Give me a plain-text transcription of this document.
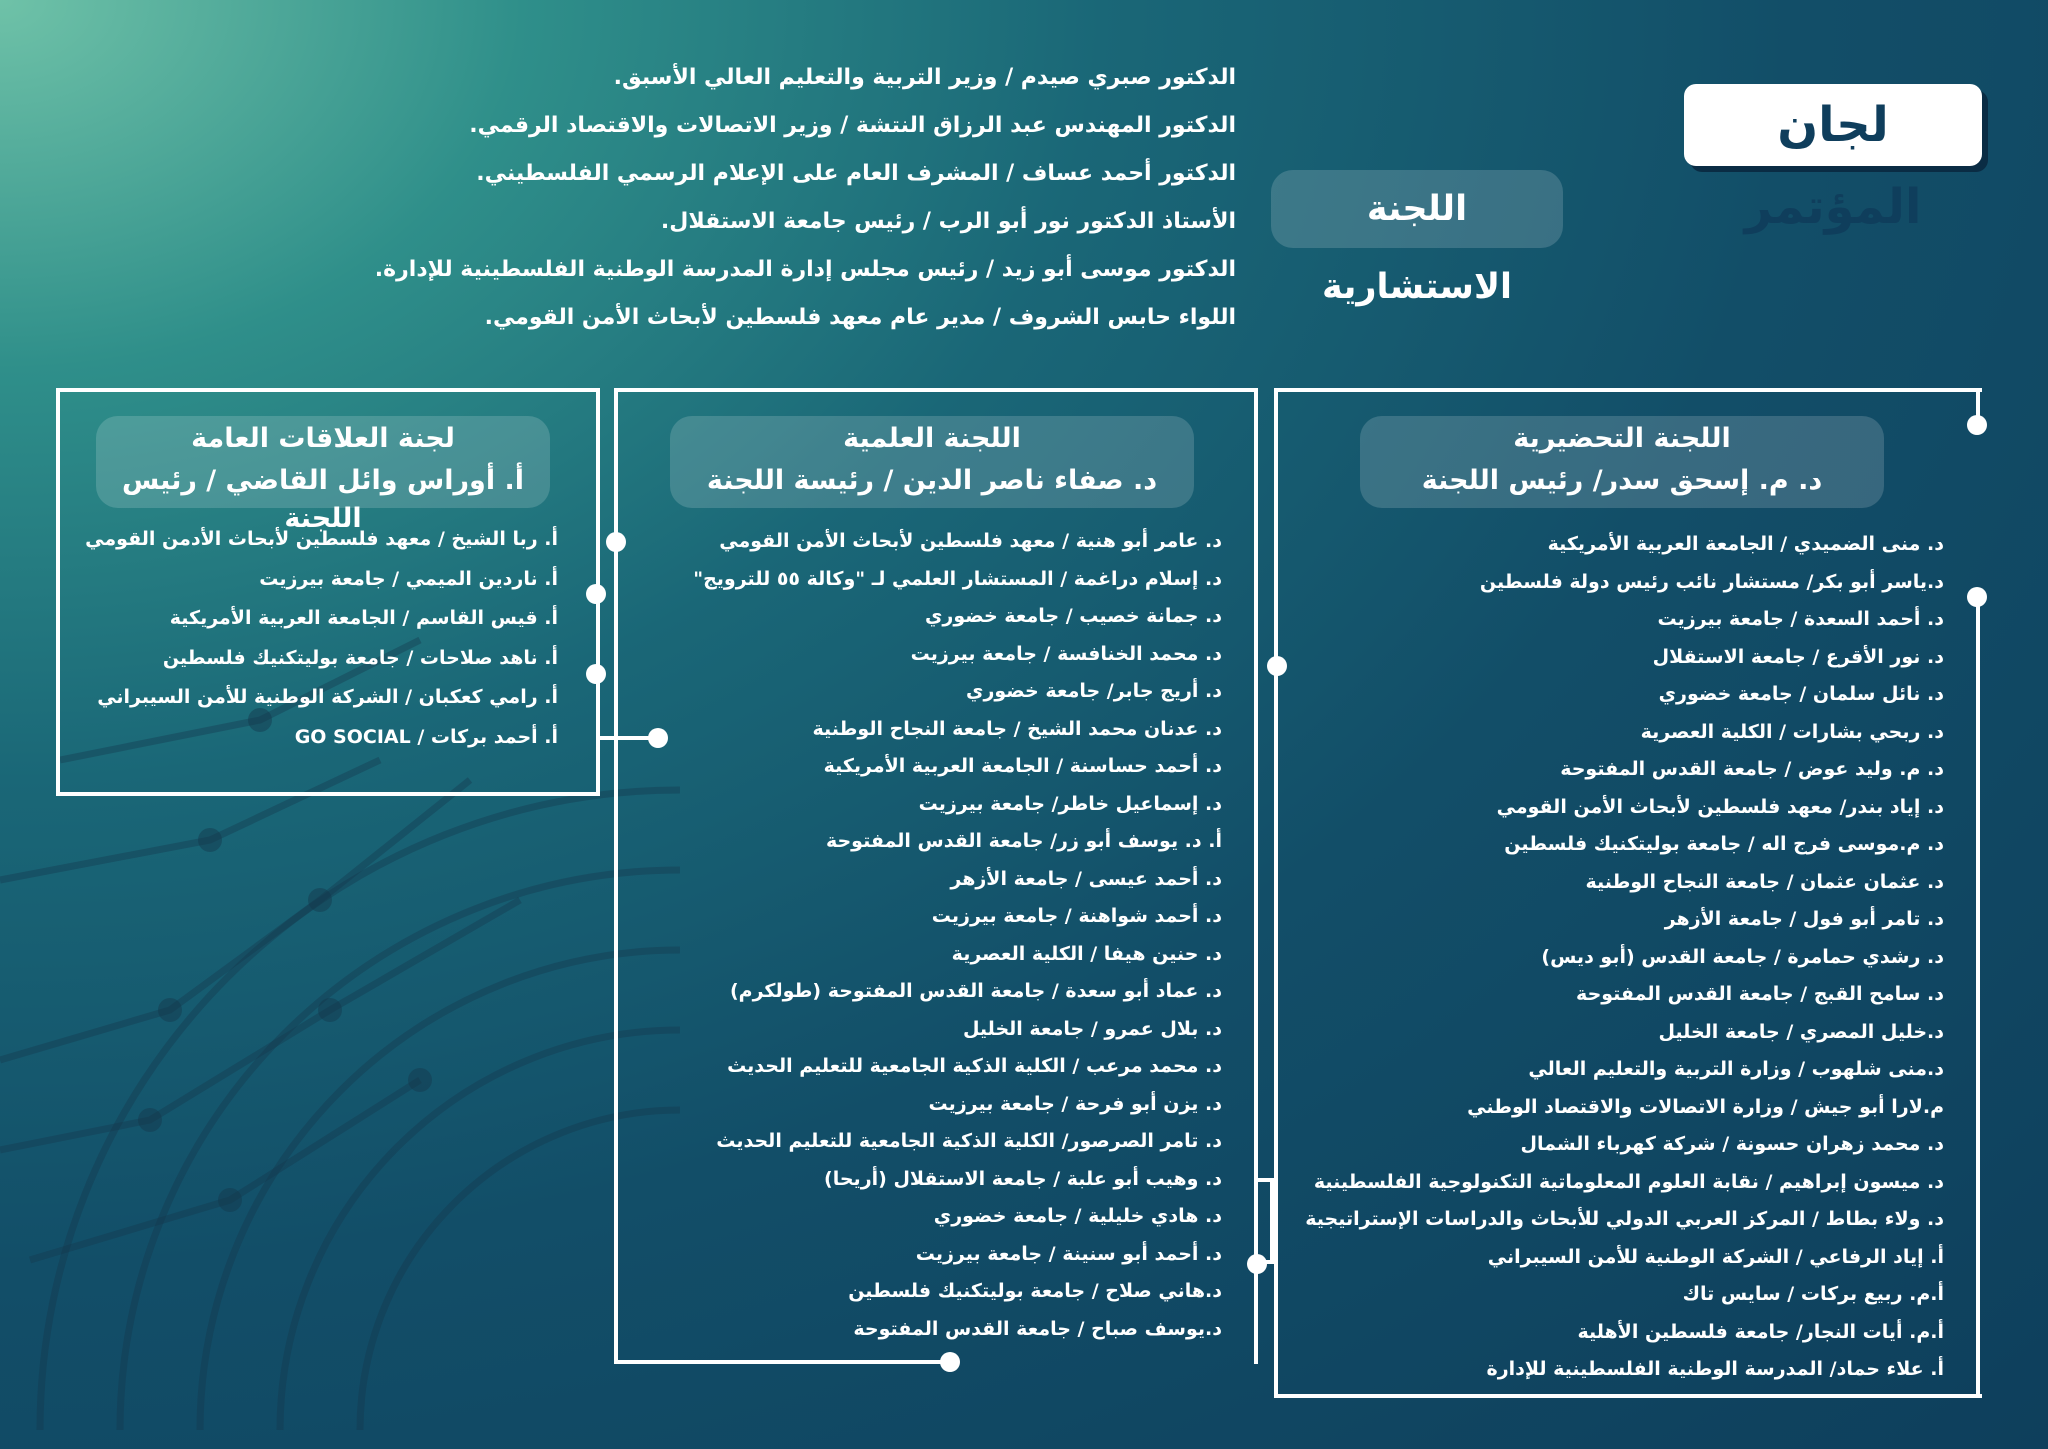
لجان المؤتمر
اللجنة الاستشارية
الدكتور صبري صيدم / وزير التربية والتعليم العالي الأسبق.
الدكتور المهندس عبد الرزاق النتشة / وزير الاتصالات والاقتصاد الرقمي.
الدكتور أحمد عساف / المشرف العام على الإعلام الرسمي الفلسطيني.
الأستاذ الدكتور نور أبو الرب / رئيس جامعة الاستقلال.
الدكتور موسى أبو زيد / رئيس مجلس إدارة المدرسة الوطنية الفلسطينية للإدارة.
اللواء حابس الشروف / مدير عام معهد فلسطين لأبحاث الأمن القومي.
اللجنة التحضيرية
د. م. إسحق سدر/ رئيس اللجنة
د. منى الضميدي / الجامعة العربية الأمريكية
د.ياسر أبو بكر/ مستشار نائب رئيس دولة فلسطين
د. أحمد السعدة / جامعة بيرزيت
د. نور الأقرع / جامعة الاستقلال
د. نائل سلمان / جامعة خضوري
د. ربحي بشارات / الكلية العصرية
د. م. وليد عوض / جامعة القدس المفتوحة
د. إياد بندر/ معهد فلسطين لأبحاث الأمن القومي
د. م.موسى فرج اله / جامعة بوليتكنيك فلسطين
د. عثمان عثمان / جامعة النجاح الوطنية
د. تامر أبو فول / جامعة الأزهر
د. رشدي حمامرة / جامعة القدس (أبو ديس)
د. سامح القبج / جامعة القدس المفتوحة
د.خليل المصري / جامعة الخليل
د.منى شلهوب / وزارة التربية والتعليم العالي
م.لارا أبو جيش / وزارة الاتصالات والاقتصاد الوطني
د. محمد زهران حسونة / شركة كهرباء الشمال
د. ميسون إبراهيم / نقابة العلوم المعلوماتية التكنولوجية الفلسطينية
د. ولاء بطاط / المركز العربي الدولي للأبحاث والدراسات الإستراتيجية
أ. إياد الرفاعي / الشركة الوطنية للأمن السيبراني
أ.م. ربيع بركات / سايس تاك
أ.م. أيات النجار/ جامعة فلسطين الأهلية
أ. علاء حماد/ المدرسة الوطنية الفلسطينية للإدارة
اللجنة العلمية
د. صفاء ناصر الدين / رئيسة اللجنة
د. عامر أبو هنية / معهد فلسطين لأبحاث الأمن القومي
د. إسلام دراغمة / المستشار العلمي لـ "وكالة ٥٥ للترويج"
د. جمانة خصيب / جامعة خضوري
د. محمد الخنافسة / جامعة بيرزيت
د. أريج جابر/ جامعة خضوري
د. عدنان محمد الشيخ / جامعة النجاح الوطنية
د. أحمد حساسنة / الجامعة العربية الأمريكية
د. إسماعيل خاطر/ جامعة بيرزيت
أ. د. يوسف أبو زر/ جامعة القدس المفتوحة
د. أحمد عيسى / جامعة الأزهر
د. أحمد شواهنة / جامعة بيرزيت
د. حنين هيفا / الكلية العصرية
د. عماد أبو سعدة / جامعة القدس المفتوحة (طولكرم)
د. بلال عمرو / جامعة الخليل
د. محمد مرعب / الكلية الذكية الجامعية للتعليم الحديث
د. يزن أبو فرحة / جامعة بيرزيت
د. تامر الصرصور/ الكلية الذكية الجامعية للتعليم الحديث
د. وهيب أبو علبة / جامعة الاستقلال (أريحا)
د. هادي خليلية / جامعة خضوري
د. أحمد أبو سنينة / جامعة بيرزيت
د.هاني صلاح / جامعة بوليتكنيك فلسطين
د.يوسف صباح / جامعة القدس المفتوحة
لجنة العلاقات العامة
أ. أوراس وائل القاضي / رئيس اللجنة
أ. ربا الشيخ / معهد فلسطين لأبحاث الأدمن القومي
أ. ناردين الميمي / جامعة بيرزيت
أ. قيس القاسم / الجامعة العربية الأمريكية
أ. ناهد صلاحات / جامعة بوليتكنيك فلسطين
أ. رامي كعكبان / الشركة الوطنية للأمن السيبراني
أ. أحمد بركات / GO SOCIAL
